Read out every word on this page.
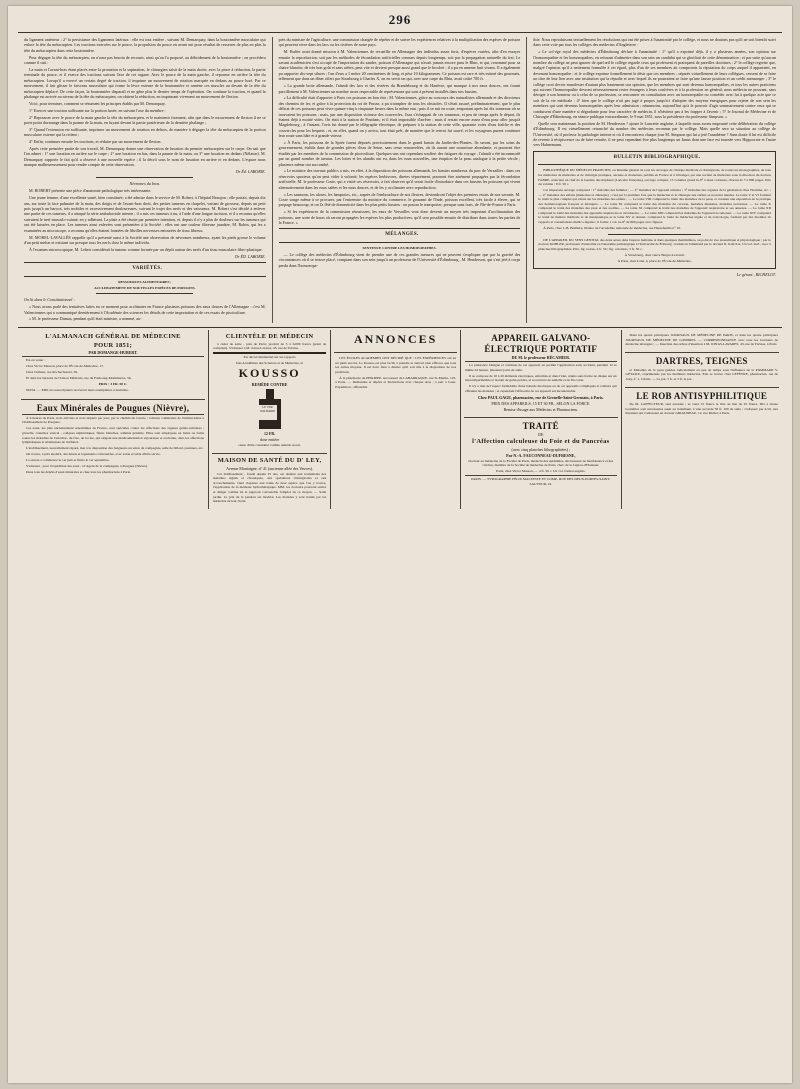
296

du ligament antérieur ; 2° la persistance des ligaments latéraux : elle est tout entière , suivant M. Demarquay, dans la boutonnière musculaire qui enlace la tête du métacarpien. Les tractions exercées sur le pouce, la propulsion du pouce en avant ont pour résultat de resserrer de plus en plus la tête du métacarpien dans cette boutonnière.

Pour dégager la tête du métacarpien, on n'aura pas besoin de recourir, ainsi qu'on l'a proposé, au débridement de la boutonnière ; on procédera comme il suit :

La main et l'avant-bras étant placés entre la pronation et la supination, le chirurgien saisit de la main droite, avec la pince à réduction, la partie terminale du pouce, et il exerce des tractions suivant l'axe de cet organe. Avec le pouce de la main gauche, il repousse en arrière la tête du métacarpien. Lorsqu'il a exercé un certain degré de traction, il imprime un mouvement de rotation marquée en dedans au pouce luxé. Par ce mouvement, il fait glisser le faisceau musculaire qui forme la lèvre externe de la boutonnière et ramène ces muscles au devant de la tête du métacarpien déplacé. De cette façon, la boutonnière disparaît et ne gêne plus le dernier temps de l'opération. On continue la traction, et quand la phalange est arrivée au niveau de la tête du métacarpien, on obtient la réduction, en imprimant vivement un mouvement de flexion.

Voici, pour terminer, comment se résument les principes établis par M. Demarquay.

1° Exercer une traction suffisante sur la portion luxée, en suivant l'axe du membre ;

2° Repousser avec le pouce de la main gauche la tête du métacarpien, et le maintenir fixement, afin que dans le mouvement de flexion il ne se porte point davantage dans la paume de la main, en fuyant devant la partie postérieure de la dernière phalange ;

3° Quand l'extension est suffisante, imprimer un mouvement de rotation en dehors, de manière à dégager la tête du métacarpien de la portion musculaire externe qui la retient ;

4° Enfin, continuer ensuite les tractions, et réduire par un mouvement de flexion.

Après cette première partie de son travail, M. Demarquay donne une observation de luxation du premier métacarpien sur le carpe. On sait que l'on admet : 1° une luxation en arrière sur le carpe ; 2° une luxation en bas, dans la paume de la main, ou 3° une luxation en dedans (Nélaton). M. Demarquay rapporte le fait qu'il a observé à une nouvelle espèce ; il la décrit sous le nom de luxation en arrière et en dedans. L'espace nous manque malheureusement pour rendre compte de cette observation.

Dr Éd. LABORIE.

Névromes du bras.

M. ROBERT présente une pièce d'anatomie pathologique très intéressante.

Une jeune femme, d'une excellente santé, bien constituée, a été admise dans le service de M. Robert, à l'hôpital Beaujon ; elle portait, depuis dix ans, sur toute la face palmaire de la main, des doigts et de l'avant-bras droit, des petites tumeurs en chapelet, variant de grosseur, depuis un petit pois jusqu'à un haricot, très mobiles et excessivement douloureuses, suivant le trajet des nerfs et des vaisseaux. M. Robert s'est décidé à enlever une partie de ces tumeurs, il a attaqué la série ambulacriale interne ; il a mis ces tumeurs à nu, à l'aide d'une longue incision, et il a reconnu qu'elles suivaient le nerf musculo-cutané, en y adhérant. La plaie a été réunie par première intention, et, depuis il n'y a plus de douleurs sur les tumeurs qui ont été laissées en place. Les tumeurs ainsi enlevées sont présentées à la Société ; elles ont une couleur fibreuse jaunâtre, M. Robin, qui les a examinées au microscope, a reconnu qu'elles étaient formées de fibrilles nerveuses entourées de tissu fibreux.

M. MOREL-LAVALLÉE rappelle qu'il a présenté aussi à la Société une observation de névromes nombreux, ayant les pieds grosse le volume d'un petit melon et existant sur presque tous les nerfs chez le même individu.

À l'examen microscopique, M. Lebert considérait la tumeur comme formée par un dépôt autour des nerfs d'un tissu musculaire fibro-plastique.

Dr ÉD. LABORIE.

VARIÉTÉS.

RESSOURCES ALIMENTAIRES ;

ACCLIMATEMENT DE NOUVELLES ESPÈCES DE POISSONS.

On lit dans le Constitutionnel :

« Nous avons parlé des tentatives faites en ce moment pour acclimater en France plusieurs poissons des eaux douces de l'Allemagne : c'est M. Valenciennes qui a communiqué dernièrement à l'Académie des sciences les détails de cette importation et de ces essais de pisciculture.

« M. le professeur Dumas, pendant qu'il était ministre, a nommé, au-

près du ministre de l'agriculture, une commission chargée de répéter et de suivre les expériences relatives à la multiplication des espèces de poisson qui peuvent vivre dans les lacs ou les rivières de notre pays.

M. Buffet avait donné mission à M. Valenciennes de recueillir en Allemagne des individus assez forts, d'espèces variées, afin d'en essayer ensuite la reproduction, soit par les méthodes de fécondation artificielles connues depuis longtemps, soit par la propagation naturelle du frai. Le savant académicien s'est occupé de l'importation du sandre, poisson d'Allemagne qui n'avait jamais encore paru le Rhin, et qui, renommé pour sa chaire blanche, de très bon goût et sans arêtes, peut vite et devient presque aussi grand que le brochet ; il a pu en amener huit vivans. Il a également pu rapporter dix-sept silures ; l'un d'eux a 1 mètre 20 centimètres de long, et pèse 10 kilogrammes. Ce poisson est rare et très estimé des gourmets, tellement que dans un dîner offert par Strasbourg à Charles X, on en servit un qui, avec une carpe du Rhin, avait coûté 700 fr.

« La grande boite allemande, l'alandt des lacs et des rivières du Brandebourg et du Hanôvre, qui manque à nos eaux douces, ont fourni parcillement à M. Valenciennes un nombre assez respectable de représentans qui sont à présent installés dans nos bassins.

« La difficulté était d'apporter à Paris ces poissons en bon état ; M. Valenciennes, grâce au concours des naturalistes allemands et des directeurs des chemins de fer, et grâce à la protection du roi de Prusse, a pu triompher de tous les obstacles. Il s'était assuré, préliminairement, que le plus délicat de ces poissons peut vivre quinze-cinq à cinquante heures dans la même eau ; puis il se mit en route, emportant après lui dix tonneaux où se trouvaient les poissons ; mais, par une disposition vicieuse des couvercles, l'eau s'échappait de ces tonneaux, et peu de temps après le départ, ils étaient déjà à moitié vides. On était à la station de Postdam, et il était impossible d'arrêter ; mais il restait encore assez d'eau pour aller jusqu'à Magdebourg ; à l'instant, l'avis fut donné par le télégraphe électrique, de préparer à la station de cette ville, quarante voies d'eau fraîche et des couvercles pour les bequets ; et, en effet, quand on y arriva, tout était prêt, de manière que le renvoi fut sauvé, et les voyageurs purent continuer leur route sans hâte et à grande vitesse.

« À Paris, les poissons de la Sprée furent déposés provisoirement dans le grand bassin du Jardin-des-Plantes. Ils seront, par les soins du gouvernement, établis dans de grandes pièces d'eau de Seine, sans cesse renouvelées, où ils auront une nourriture abondante, et pourront être étudiés par les membres de la commission de pisciculture. Quelques-uns ont cependant souffert des fatigues du voyage ; l'alandt a été incommodé par un grand nombre de taenias. Les lottes et les alandts ont eu, dans les eaux nouvelles, une éruption de la peau analogue à la petite vérole ; plusieurs même ont succombé.

« Le ministre des travaux publics a mis, en effet, à la disposition des poissons allemands, les bassins nombreux du parc de Versailles : dans ces réservoirs spacieux qu'on peut vider à volonté, les espèces herbivores, diretes séparément, pourront être aisément propagées par la fécondation artificielle, M. le professeur Coste, qui a visité ces réservoirs, a fait observer qu'il serait facile d'introduire dans ces bassins les poissons qui vivent alternativement dans les eaux salées et les eaux douces, et de les y acclimater avec reproduction.

« Les saumons, les aloses, les lamproies, etc., auprès de l'embouchure de nos fleuves, deviendront l'objet des premiers essais de nos savants. M. Coste songe même à se procurer, par l'entremise du ministre du commerce, le gourami de l'Inde, poisson excellent, très facile à élever, qui se propage beaucoup, et on l'a fêté de domesticité dans les plus petits bassins : on pourra le transporter, presque sans frais, de l'île-de-France à Paris.

« Si les expériences de la commission réussissent, les eaux de Versailles vont donc devenir un moyen très important d'acclimatation des poissons, une sorte de haras où seront propagées les espèces les plus productives, qu'il sera possible ensuite de distribuer dans toutes les parties de la France. »

MÉLANGES.

SENTENCE CONTRE LES HOMOEOPATHES.

— Le collège des médecins d'Édimbourg vient de prendre une de ces grandes mesures qui ne peuvent s'expliquer que par la gravité des circonstances où il se trouve placé, comptant dans son sein jusqu'à un professeur de l'Université d'Édimbourg , M. Henderson, qui s'est jeté à corps perdu dans l'homoeopa-

thie. Nous reproduisons textuellement les résolutions qui ont été prises à l'unanimité par le collège, et nous ne doutons pas qu'il ne soit bientôt suivi dans cette voie par tous les collèges des médecins d'Angleterre :

« Le col·ége royal des médecins d'Édimbourg déclare à l'unanimité : 1° qu'il a exprimé déjà, il y a plusieurs années, son opinion sur l'homoeopathie et les homoeopathes, en refusant d'admettre dans son sein un candidat qui se glorifiait de cette dénomination ; et par suite qu'aucun membre du collège ne peut ignorer de quel œil le collège regarde ceux qui professent et pratiquent de pareilles doctrines ; 2° le collège regrette que, malgré l'opinion qu'il a nettement formulée à cet égard, plus d'un de ses membres ait compromis la réputation du corps auquel il appartient, en devenant homoeopathe ; et le collège exprime formellement le désir que ces membres ; séparés virtuellement de leurs collègues, cessent de se faire un titre de leur lien avec une institution qui la répudie et avec lequel ils ne pourraient se faire qu'une fausse position et un crédit mensonger ; 3° le collège croit devoir manifester d'autant plus hautement son opinion, que les membres qui sont devenus homoeopathes, et tous les autres praticiens qui suivent l'homoeopathie devront nécessairement rester étrangers à leurs confrères et à la profession en général, nous médecin ne pouvant, sans déroger à son honneur ou à celui de sa profession, se rencontrer en consultation avec un homoeopathe ou concéder avec lui à quelque acte que ce soit de la vie médicale ; 4° bien que le collège n'ait pas jugé à propos jusqu'ici d'adopter des moyens énergiques pour rejeter de son sein les membres qui sont devenus homoeopathes après leur admission ; néanmoins, aujourd'hui qu'a le pouvoir d'agir sommairement contre ceux qui se conduisent d'une manière si dégradante pour leur caractère de médecin, il n'hésitera pas à les frapper à l'avenir ; 5° le Journal de Médecine et de Chirurgie d'Édimbourg, en séance publique extraordinaire, le 9 mai 1851, sous la présidence du professeur Simpson. »

Quelle sera maintenant la position de M. Henderson ? ajoute le Lancette anglaise, à laquelle nous avons emprunté cette délibération du collège d'Édimbourg. Il est virtuellement retranché du nombre des médecins reconnus par le collège. Mais quelle sera sa situation au collège de l'Université, où il professe la pathologie interne et où il rencontrera chaque jour M. Simpson qui lui a jeté l'anathème ? Sans doute il lui est difficile de revenir à récipiscence ou de faire retraite, il ne peut cependant être plus longtemps un Janus dont une face est tournée vers Hippocrate et l'autre vers Hahnemann.

BULLETIN BIBLIOGRAPHIQUE.

BIBLIOTHÈQUE DU MÉDECIN PRATICIEN, ou Résumé général de tous les ouvrages de clinique médicale et chirurgicale, de toutes les monographies, de tous les mémoires de médecine et de chirurgie pratiques, anciens et modernes, publiés en France et à l'étranger, par une société de médecins sous la direction du docteur FABRE, rédacteur en chef de la Gazette des hôpitaux (Lancette française), ouvrage complet, 15 volumes grand in-8° à deux colonnes, chacun de 7 à 800 pages. Prix du volume : 8 fr. 50 c.

Cet important ouvrage comprend : 1° maladies des femmes ; — 2° maladies de l'appareil urinaire ; 3° maladies des organes de la génération chez l'homme, etc. ; — 4° maladies des enfans (médecine et chirurgie) ; c'est par la première fois que la médecine et la chirurgie des enfans se trouvent réunies. Le tome V et VI forment le traité le plus complet qui existe sur les maladies des enfans ; — Le tome VIII comprend le traité des maladies de la peau, et contient une exposition de la pratique des dermatologistes français et étrangers. — Le tome IX comprend le traité des maladies du cerveau, maladies mentales, maladies nerveuses. — Le tome X comprend le traité des maladies des yeux et des oreilles. — Le tome XI comprend le traité des maladies de l'appareil respiratoire et ses annexes. — Le tome XII comprend le traité des maladies des appareils respiratoire et circulatoire. — Le tome XIII comprend les maladies de l'appareil locomoteur. — Le tome XIV comprend le traité de matière médicale et de thérapeutique et le tome XV et dernier, comprend le traité de médecine légale et de toxicologie, formant par des modèles de rapports et consultations médico-légales ; il forme 1 vol. in-8° de 800 pages avec figures.

À Paris, chez J.-B. Baillière, libraire de l'Académie nationale de médecine, rue Hautefeuille n° 19.

DE L'APPAREIL DU SENS GENITAL des deux sexes dans l'espèce humaine et dans quelques mammifères, au point de vue anatomique et physiologique ; par le docteur KOHLER, professeur d'anatomie et d'anatomie pathologique à l'Université de Fribourg ; traduit en l'allemand par le docteur R. KAULA. Un vol. in-8 , avec 5 planches lithographiées. Prix, fig. noires, 4 fr. 50 ; fig. coloriées, 5 fr. 50 c.

À Strasbourg, chez veuve Berger-Levrault.

À Paris, chez Labé, 4, place de l'École-de-Médecine.

Le gérant , RICHELOT.

L'ALMANACH GÉNÉRAL DE MÉDECINE
POUR 1851;
PAR DOMANGE-HUBERT.

Est en vente :

Chez Victor Masson, place de l'École-de-Médecine, 17.

Chez l'éditeur, rue Rochechouart, 56.

Et dans les bureaux de l'Union Médicale, rue du Faubourg-Montmartre, 56.

PRIX : 3 FR. 50 C.

NOTA. — MM. les souscripteurs recevront leurs exemplaires à domicile.

Eaux Minérales de Pougues (Nièvre),

À 6 heures de Paris, trois arrivées et trois départs par jour, par le chemin du Centre ; voitures commodes de l'embarcadère à l'établissement de Pougues.

Ces eaux, les plus anciennement renommées de France, sont spéciales contre les affections des organes génito-urinaires ; gravelle, catarrhes vésical , coliques néphrétiques, fleurs blanches, adhérés génitale. Elles sont employées en bains ou bains toutes les maladies de l'estomac, du foie, de la rate, qui exigent une médicamentation vigoureuse et excitante, dans les affections lymphatiques et strumeuses de l'enfance.

L'établissement, nouvellement réparé, met à la disposition des baigneurs un salon de compagnie, salle de billard, journaux, etc.

On trouve, à prix modéré, des hôtels et logements convenables, avec salon et table d'hôte servie.

La saison a commencé le 1er juin et finira le 1er septembre.

S'adresser , pour l'expédition des eaux , à l'Agent de la compagnie, à Pougues (Nièvre).

Dans tous les dépôts d'eaux minérales et chez tous les pharmaciens à Paris.

CLIENTÈLE DE MÉDECIN

à céder de suite , près de Paris; produit de 5 à 6,000 francs (point de comptant). S'adresser à M. Jonas-Lavares, 43, rue de Trévise.

Par décret ministériel sur les rapports

Des Académies des Sciences et de Médecine, le

KOUSSO
REMÈDE CONTRE
LE VER SOLITAIRE
12 FR.
dose entière

cause d'être considéré comme remède secret.

MAISON DE SANTÉ DU D' LEY,
Avenue Montaigne, nº 41 (ancienne allée des Veuves).

Cet établissement , fondé depuis 25 ans, est destiné aux traitements des maladies aiguës et chroniques, aux opérations chirurgicales et aux accouchements, vient d'ajouter aux bains de luxe espèce que l'on y trouve, l'application de la méthode hydrothérapique. MM. les docteurs pourront suivre et diriger comme ils le jugeront convenable l'emploi de ce moyen. — Salle jardin. Le prix de la pension est modéré. Les malades y sont traités par les médecins de leur choix.

ANNONCES

LES ÉCOLES ACADEMIES ONT DÉCIDÉ QUE : LES EXPÉRIENCES ont eu un plein succès. Le Kousso est plus facile à prendre et surtout plus efficace que tous les autres moyens. Il est donc bien à désirer qu'il soit mis à la disposition de nos praticiens.

À la pharmacie de PHILIPPE, successeur de LABARRAQUE, rue St-Martin, 125, à Paris. — Demandes et dépôts et Instructions avec chaque dose ; à part à Caen. Expédition ; affranchir.

APPAREIL GALVANO-ÉLECTRIQUE PORTATIF
DE M. le professeur RÉCAMIER.

La puissance bénigne et continue de cet appareil, en permet l'application sans accident, pendant 12 et même 24 heures, plusieurs jours de suite.

Il se compose de 10 à 20 éléments électriques, enfermés et dans l'étui, réunis sans forme de disque sur un tissu imperméable et isolant de gutta-percha, et recouverts de semelle et de fin coton.

Il n'y a rien de l'aspect formidable d'une batterie électrique ou de cet appareils compliqués et coûteux qui effraient les malades ; et cependant l'efficacité de cet appareil est incontestable.

Chez PAUL GAGE, pharmacien, rue de Grenelle-Saint-Germain, à Paris.
PRIX DES APPAREILS, 15 ET 30 FR., SELON LA FORCE.
Remise d'usage aux Médecins et Pharmaciens.
TRAITÉ
DE
l'Affection calculeuse du Foie et du Pancréas
(avec cinq planches lithographiées) ;
Par N.-A. FAUCONNEAU-DUFRESNE,

Docteur en médecine de la Faculté de Paris, médecin des épidémies, des bureaux de bienfaisance et des crèches, membre de la Société de médecine de Paris, chev. de la Légion-d'Honneur.

Paris, chez Victor Masson, — 4 fr. 50 c. Un vol. format anglais.

PARIS. — TYPOGRAPHIE FÉLIX MALTESTE ET COMP., RUE DES DEUX-PORTES-SAINT-SAUVEUR, 22.

Dans les quatre principaux JOURNAUX DE MÉDECINE DE PARIS, et dans les quatre principaux JOURNAUX DE MÉDECINE DE LONDRES. — CORRESPONDANCE avec tous les Journaux de médecine étrangers ; — Insertion des ordres d'insertion à M. JONAS-LAVARES, 43, rue de Trévise, à Paris.

DARTRES, TEIGNES

et Maladies de la peau guéries radicalement en peu de temps sous l'influence de la POMMADE V. GÉTAILE, exprimentée par les meilleurs médecins. Elle se trouve chez LEFÈVRE, pharmacien, rue de Jouy, nº 1, à Paris. — Le pot, 5 fr. et 3 fr. le pot.

LE ROB ANTISYPHILITIQUE

De M. LAFFECTEUR, seul autorisé ; se vend 15 francs le litre au lieu de 25 francs. Dix à douze bouteilles sont nécessaires aussi au traitement. L'une seconde 50 fr. 100 de suite ; s'adresser par écrit, aux hôpitaux qui s'adressent au docteur GIRAUDEAU, 12, rue Richer, à Paris.
